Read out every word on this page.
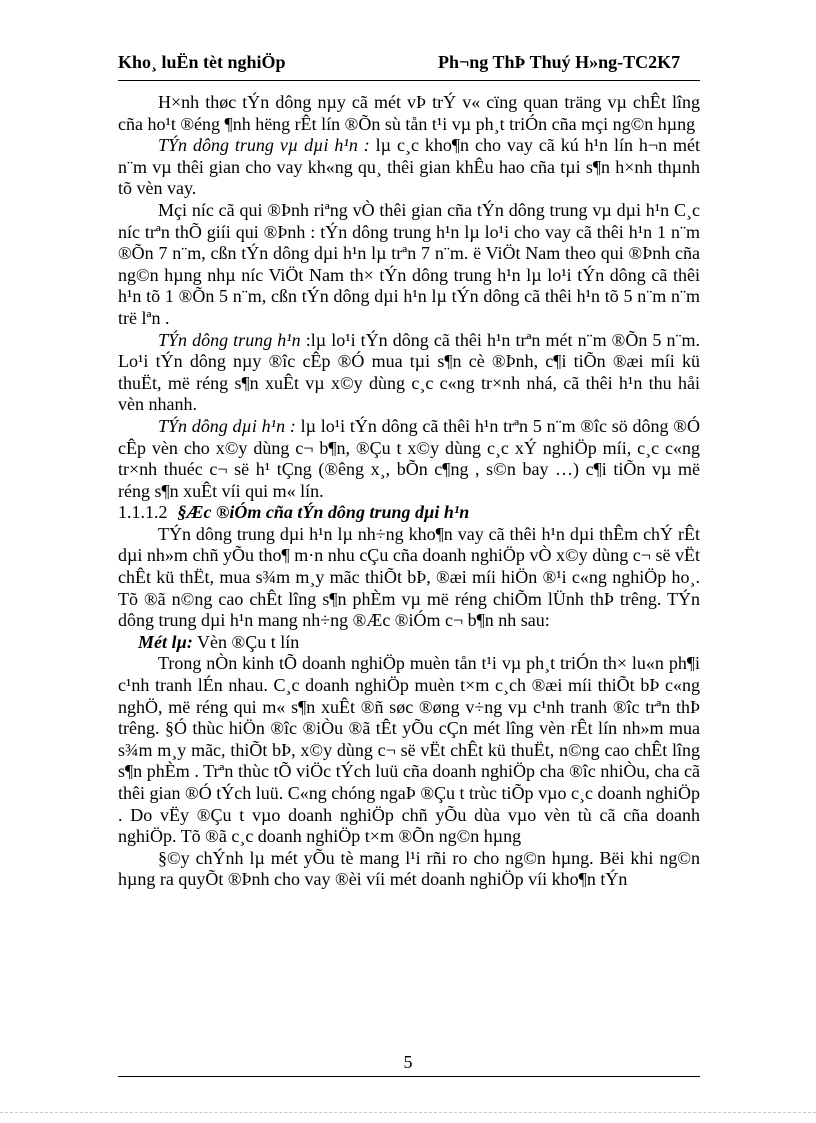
Kho¸ luËn tèt nghiÖp	Ph¬ng ThÞ Thuý H»ng-TC2K7

H×nh thøc tÝn dông nµy cã mét vÞ trÝ v« cïng quan träng vµ chÊt lîng cña ho¹t ®éng ¶nh hëng rÊt lín ®Õn sù tån t¹i vµ ph¸t triÓn cña mçi ng©n hµng

TÝn dông trung vµ dµi h¹n : lµ c¸c kho¶n cho vay cã kú h¹n lín h¬n mét n¨m vµ thêi gian cho vay kh«ng qu¸ thêi gian khÊu hao cña tµi s¶n h×nh thµnh tõ vèn vay.

Mçi níc cã qui ®Þnh riªng vÒ thêi gian cña tÝn dông trung vµ dµi h¹n C¸c níc trªn thÕ giíi qui ®Þnh : tÝn dông trung h¹n lµ lo¹i cho vay cã thêi h¹n 1 n¨m ®Õn 7 n¨m, cßn tÝn dông dµi h¹n lµ trªn 7 n¨m. ë ViÖt Nam theo qui ®Þnh cña ng©n hµng nhµ níc ViÖt Nam th× tÝn dông trung h¹n lµ lo¹i tÝn dông cã thêi h¹n tõ 1 ®Õn 5 n¨m, cßn tÝn dông dµi h¹n lµ tÝn dông cã thêi h¹n tõ 5 n¨m n¨m trë lªn .

TÝn dông trung h¹n :lµ lo¹i tÝn dông cã thêi h¹n trªn mét n¨m ®Õn 5 n¨m. Lo¹i tÝn dông nµy ®îc cÊp ®Ó mua tµi s¶n cè ®Þnh, c¶i tiÕn ®æi míi kü thuËt, më réng s¶n xuÊt vµ x©y dùng c¸c c«ng tr×nh nhá, cã thêi h¹n thu håi vèn nhanh.

TÝn dông dµi h¹n : lµ lo¹i tÝn dông cã thêi h¹n trªn 5 n¨m ®îc sö dông ®Ó cÊp vèn cho x©y dùng c¬ b¶n, ®Çu t x©y dùng c¸c xÝ nghiÖp míi, c¸c c«ng tr×nh thuéc c¬ së h¹ tÇng (®êng x¸, bÕn c¶ng , s©n bay …) c¶i tiÕn vµ më réng s¶n xuÊt víi qui m« lín.

1.1.1.2 §Æc ®iÓm cña tÝn dông trung dµi h¹n

TÝn dông trung dµi h¹n lµ nh÷ng kho¶n vay cã thêi h¹n dµi thÊm chÝ rÊt dµi nh»m chñ yÕu tho¶ m·n nhu cÇu cña doanh nghiÖp vÒ x©y dùng c¬ së vËt chÊt kü thËt, mua s¾m m¸y mãc thiÕt bÞ, ®æi míi hiÖn ®¹i c«ng nghiÖp ho¸. Tõ ®ã n©ng cao chÊt lîng s¶n phÈm vµ më réng chiÕm lÜnh thÞ trêng. TÝn dông trung dµi h¹n mang nh÷ng ®Æc ®iÓm c¬ b¶n nh sau:

Mét lµ: Vèn ®Çu t lín

Trong nÒn kinh tÕ doanh nghiÖp muèn tån t¹i vµ ph¸t triÓn th× lu«n ph¶i c¹nh tranh lÉn nhau. C¸c doanh nghiÖp muèn t×m c¸ch ®æi míi thiÕt bÞ c«ng nghÖ, më réng qui m« s¶n xuÊt ®ñ søc ®øng v÷ng vµ c¹nh tranh ®îc trªn thÞ trêng. §Ó thùc hiÖn ®îc ®iÒu ®ã tÊt yÕu cÇn mét lîng vèn rÊt lín nh»m mua s¾m m¸y mãc, thiÕt bÞ, x©y dùng c¬ së vËt chÊt kü thuËt, n©ng cao chÊt lîng s¶n phÈm . Trªn thùc tÕ viÖc tÝch luü cña doanh nghiÖp cha ®îc nhiÒu, cha cã thêi gian ®Ó tÝch luü. C«ng chóng ngaÞ ®Çu t trùc tiÕp vµo c¸c doanh nghiÖp . Do vËy ®Çu t vµo doanh nghiÖp chñ yÕu dùa vµo vèn tù cã cña doanh nghiÖp. Tõ ®ã c¸c doanh nghiÖp t×m ®Õn ng©n hµng

§©y chÝnh lµ mét yÕu tè mang l¹i rñi ro cho ng©n hµng. Bëi khi ng©n hµng ra quyÕt ®Þnh cho vay ®èi víi mét doanh nghiÖp víi kho¶n tÝn

5
